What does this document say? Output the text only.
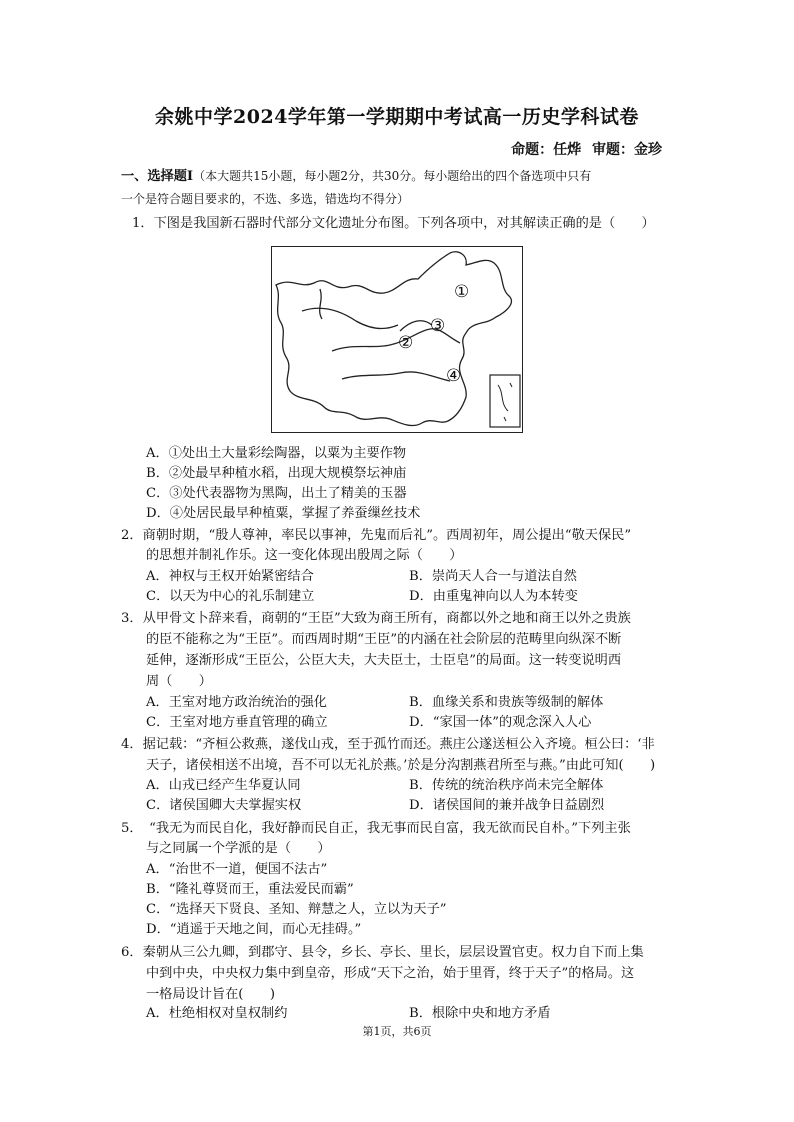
余姚中学2024学年第一学期期中考试高一历史学科试卷
命题：任烨 审题：金珍
一、选择题Ⅰ（本大题共15小题，每小题2分，共30分。每小题给出的四个备选项中只有
一个是符合题目要求的，不选、多选，错选均不得分）
1．下图是我国新石器时代部分文化遗址分布图。下列各项中，对其解读正确的是（　　）
①
②
③
④
A．①处出土大量彩绘陶器，以粟为主要作物
B．②处最早种植水稻，出现大规模祭坛神庙
C．③处代表器物为黑陶，出土了精美的玉器
D．④处居民最早种植粟，掌握了养蚕缫丝技术
2．商朝时期，“殷人尊神，率民以事神，先鬼而后礼”。西周初年，周公提出“敬天保民”
的思想并制礼作乐。这一变化体现出殷周之际（　　）
A．神权与王权开始紧密结合	B．崇尚天人合一与道法自然
C．以天为中心的礼乐制建立	D．由重鬼神向以人为本转变
3．从甲骨文卜辞来看，商朝的“王臣”大致为商王所有，商都以外之地和商王以外之贵族
的臣不能称之为“王臣”。而西周时期“王臣”的内涵在社会阶层的范畴里向纵深不断
延伸，逐渐形成“王臣公，公臣大夫，大夫臣士，士臣皂”的局面。这一转变说明西
周（　　）
A．王室对地方政治统治的强化	B．血缘关系和贵族等级制的解体
C．王室对地方垂直管理的确立	D．“家国一体”的观念深入人心
4．据记载：“齐桓公救燕，遂伐山戎，至于孤竹而还。燕庄公遂送桓公入齐境。桓公曰：‘非
天子，诸侯相送不出境，吾不可以无礼於燕。’於是分沟割燕君所至与燕。”由此可知(　　)
A．山戎已经产生华夏认同	B．传统的统治秩序尚未完全解体
C．诸侯国卿大夫掌握实权	D．诸侯国间的兼并战争日益剧烈
5．　“我无为而民自化，我好静而民自正，我无事而民自富，我无欲而民自朴。”下列主张
与之同属一个学派的是（　　）
A．“治世不一道，便国不法古”
B．“隆礼尊贤而王，重法爱民而霸”
C．“选择天下贤良、圣知、辩慧之人，立以为天子”
D．“逍遥于天地之间，而心无挂碍。”
6．秦朝从三公九卿，到郡守、县令，乡长、亭长、里长，层层设置官吏。权力自下而上集
中到中央，中央权力集中到皇帝，形成“天下之治，始于里胥，终于天子”的格局。这
一格局设计旨在(　　)
A．杜绝相权对皇权制约	B．根除中央和地方矛盾
第1页，共6页
